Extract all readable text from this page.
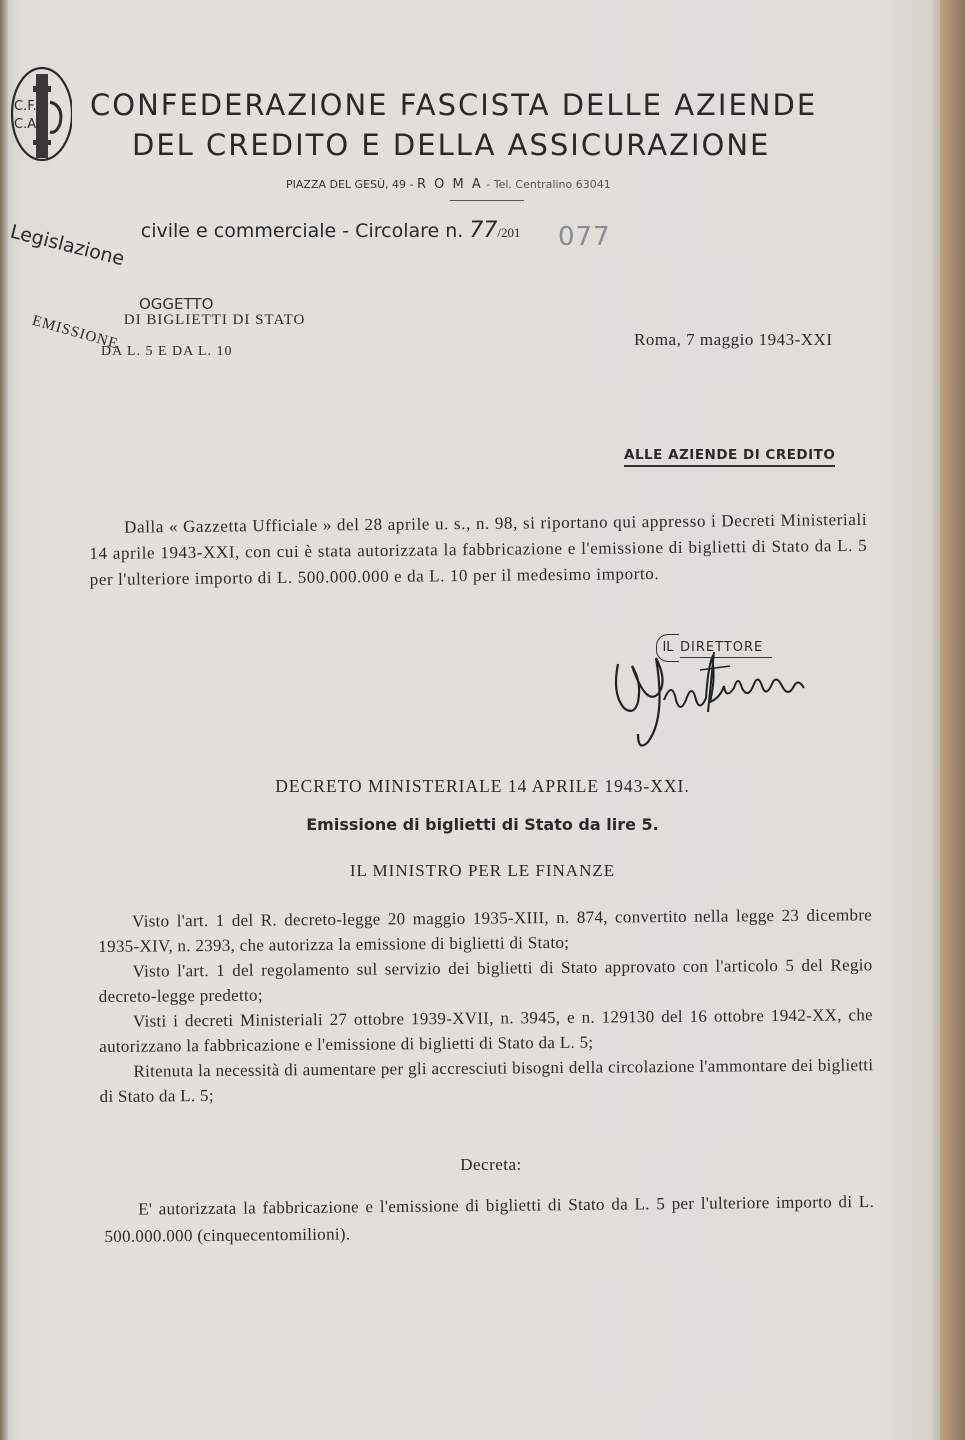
C.F.
C.A.
CONFEDERAZIONE FASCISTA DELLE AZIENDE
DEL CREDITO E DELLA ASSICURAZIONE
PIAZZA DEL GESÙ, 49 - R O M A - Tel. Centralino 63041
Legislazione civile e commerciale - Circolare n. 77/201 077
OGGETTO
EMISSIONE DI BIGLIETTI DI STATO
DA L. 5 E DA L. 10
Roma, 7 maggio 1943-XXI
ALLE AZIENDE DI CREDITO
Dalla « Gazzetta Ufficiale » del 28 aprile u. s., n. 98, si riportano qui appresso i Decreti Ministeriali 14 aprile 1943-XXI, con cui è stata autorizzata la fabbricazione e l'emissione di biglietti di Stato da L. 5 per l'ulteriore importo di L. 500.000.000 e da L. 10 per il medesimo importo.
IL DIRETTORE
DECRETO MINISTERIALE 14 APRILE 1943-XXI.
Emissione di biglietti di Stato da lire 5.
IL MINISTRO PER LE FINANZE

Visto l'art. 1 del R. decreto-legge 20 maggio 1935-XIII, n. 874, convertito nella legge 23 dicembre 1935-XIV, n. 2393, che autorizza la emissione di biglietti di Stato;

Visto l'art. 1 del regolamento sul servizio dei biglietti di Stato approvato con l'articolo 5 del Regio decreto-legge predetto;

Visti i decreti Ministeriali 27 ottobre 1939-XVII, n. 3945, e n. 129130 del 16 ottobre 1942-XX, che autorizzano la fabbricazione e l'emissione di biglietti di Stato da L. 5;

Ritenuta la necessità di aumentare per gli accresciuti bisogni della circolazione l'ammontare dei biglietti di Stato da L. 5;

Decreta:

E' autorizzata la fabbricazione e l'emissione di biglietti di Stato da L. 5 per l'ulteriore importo di L. 500.000.000 (cinquecentomilioni).
